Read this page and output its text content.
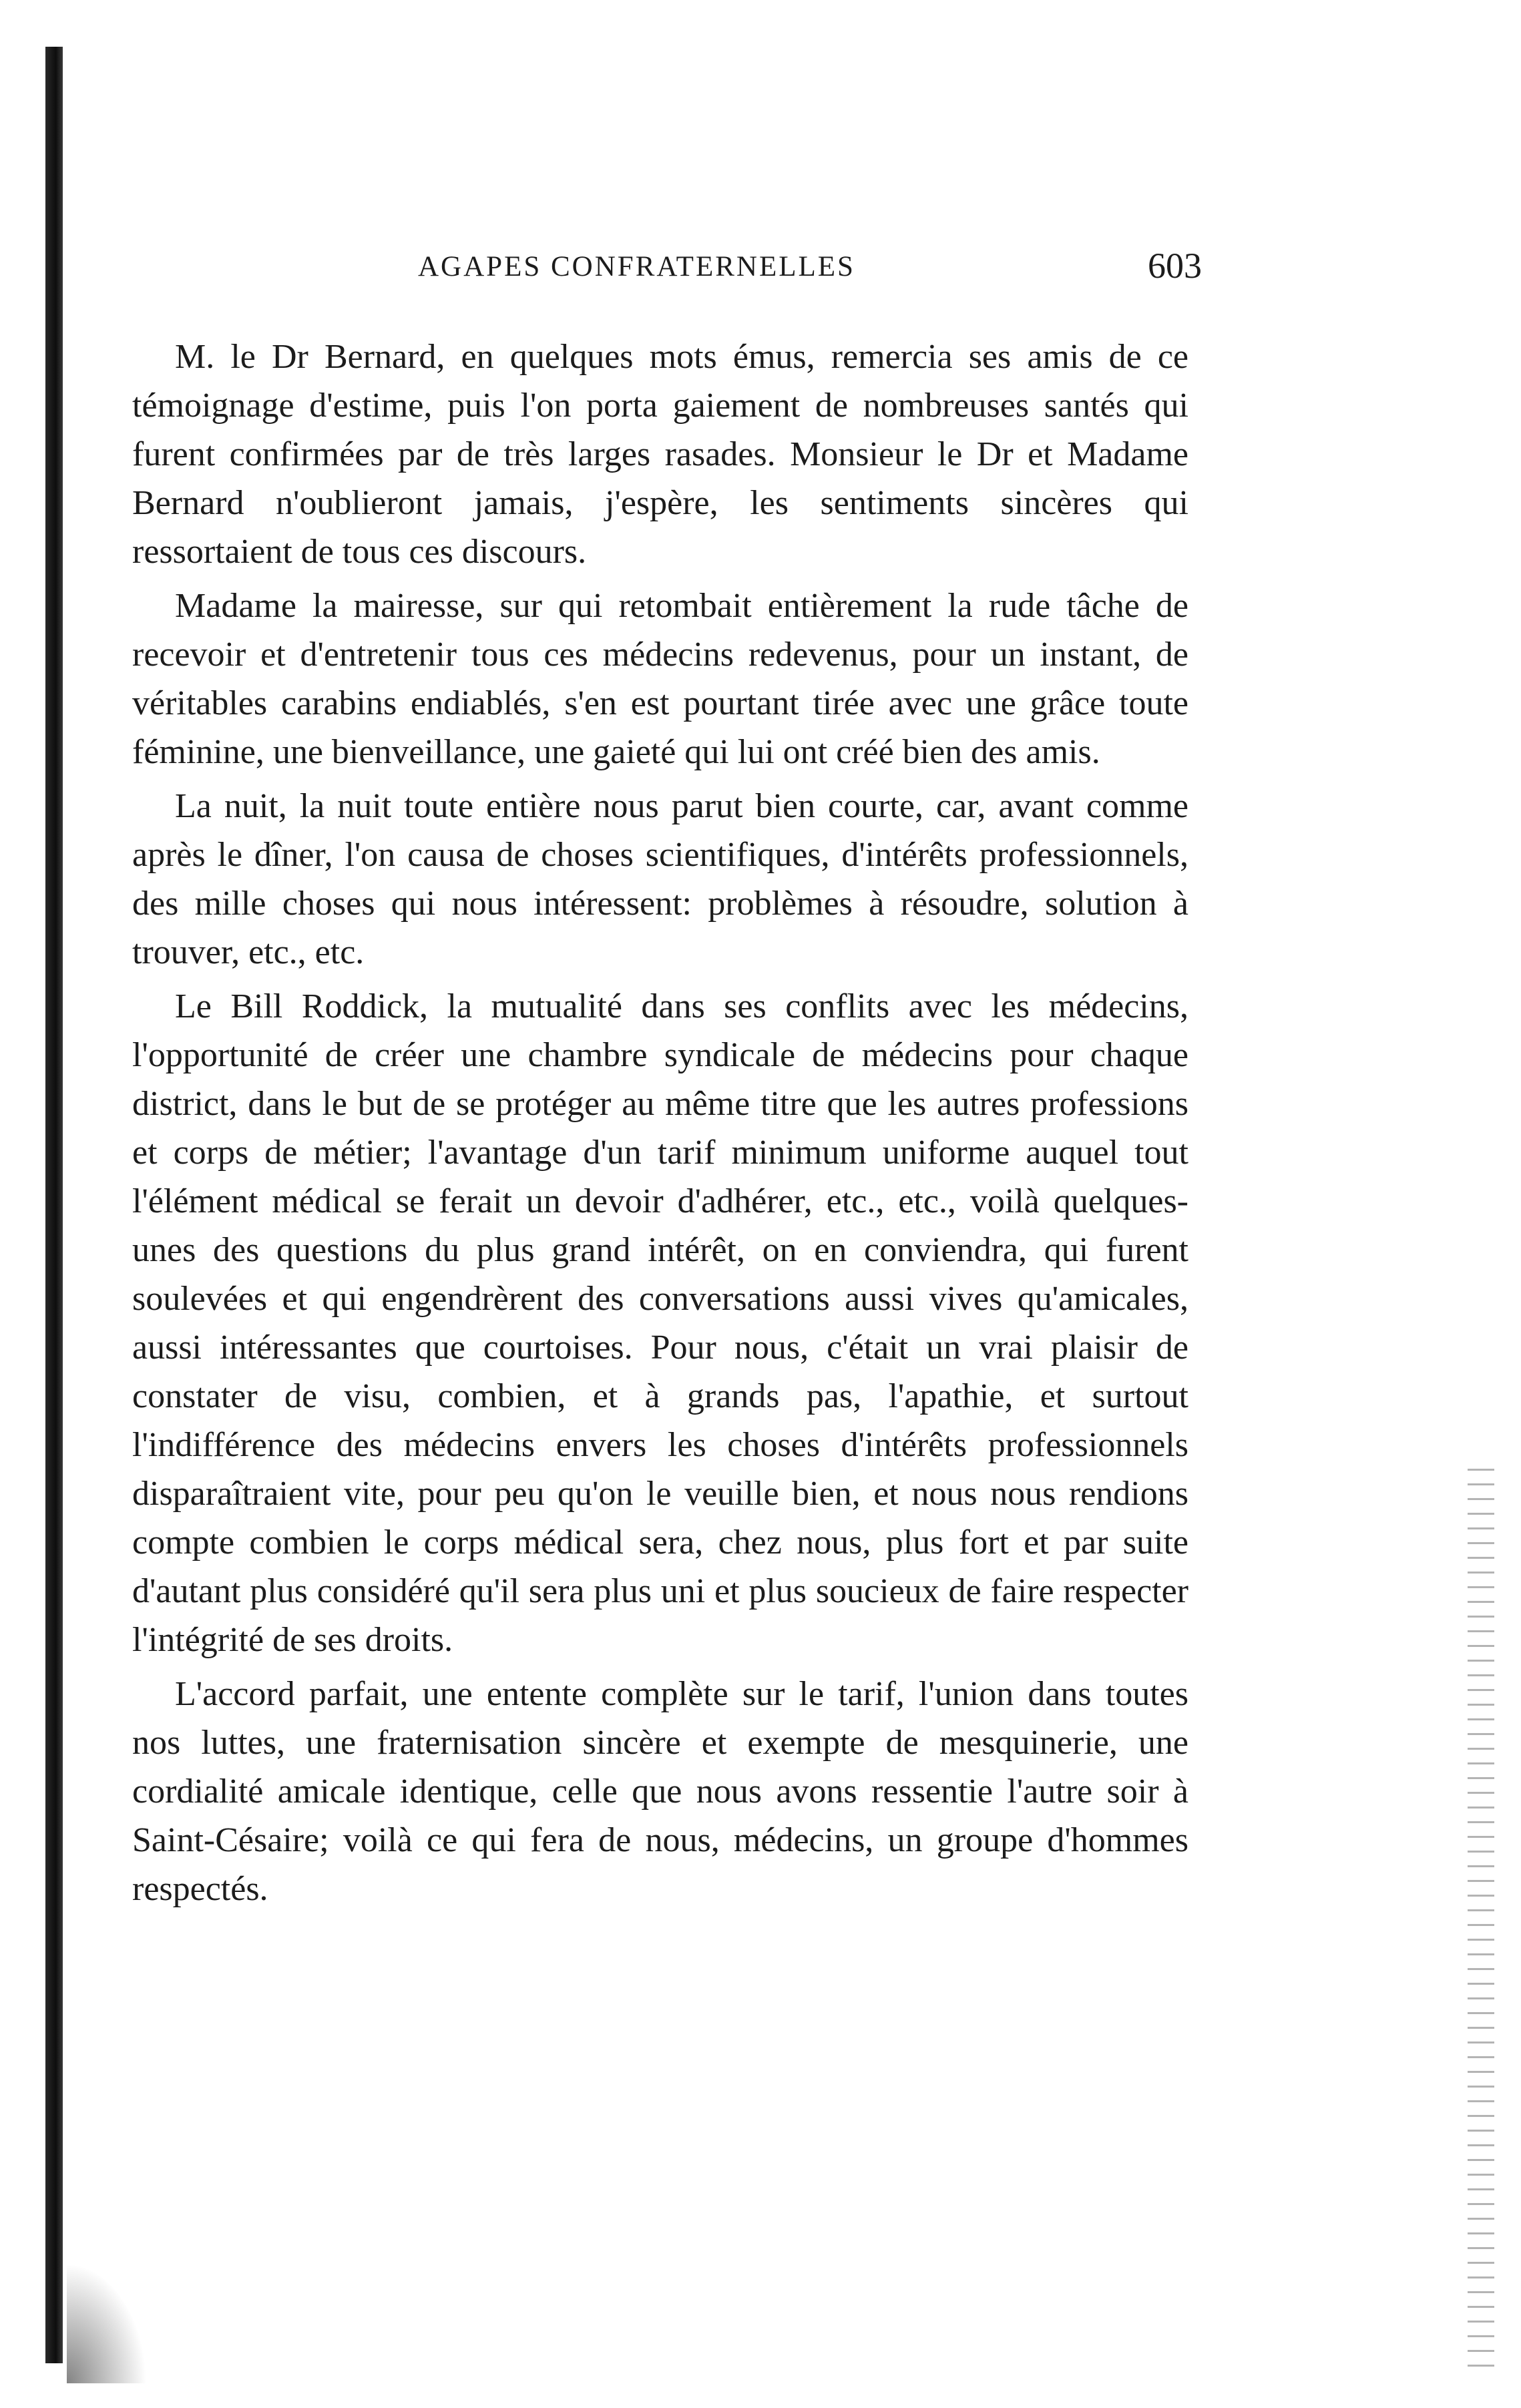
AGAPES CONFRATERNELLES	603

M. le Dr Bernard, en quelques mots émus, remercia ses amis de ce témoignage d'estime, puis l'on porta gaiement de nombreuses santés qui furent confirmées par de très larges rasades. Monsieur le Dr et Madame Bernard n'oublieront jamais, j'espère, les sentiments sincères qui ressortaient de tous ces discours.

Madame la mairesse, sur qui retombait entièrement la rude tâche de recevoir et d'entretenir tous ces médecins redevenus, pour un instant, de véritables carabins endiablés, s'en est pourtant tirée avec une grâce toute féminine, une bienveillance, une gaieté qui lui ont créé bien des amis.

La nuit, la nuit toute entière nous parut bien courte, car, avant comme après le dîner, l'on causa de choses scientifiques, d'intérêts professionnels, des mille choses qui nous intéressent: problèmes à résoudre, solution à trouver, etc., etc.

Le Bill Roddick, la mutualité dans ses conflits avec les médecins, l'opportunité de créer une chambre syndicale de médecins pour chaque district, dans le but de se protéger au même titre que les autres professions et corps de métier; l'avantage d'un tarif minimum uniforme auquel tout l'élément médical se ferait un devoir d'adhérer, etc., etc., voilà quelques-unes des questions du plus grand intérêt, on en conviendra, qui furent soulevées et qui engendrèrent des conversations aussi vives qu'amicales, aussi intéressantes que courtoises. Pour nous, c'était un vrai plaisir de constater de visu, combien, et à grands pas, l'apathie, et surtout l'indifférence des médecins envers les choses d'intérêts professionnels disparaîtraient vite, pour peu qu'on le veuille bien, et nous nous rendions compte combien le corps médical sera, chez nous, plus fort et par suite d'autant plus considéré qu'il sera plus uni et plus soucieux de faire respecter l'intégrité de ses droits.

L'accord parfait, une entente complète sur le tarif, l'union dans toutes nos luttes, une fraternisation sincère et exempte de mesquinerie, une cordialité amicale identique, celle que nous avons ressentie l'autre soir à Saint-Césaire; voilà ce qui fera de nous, médecins, un groupe d'hommes respectés.
